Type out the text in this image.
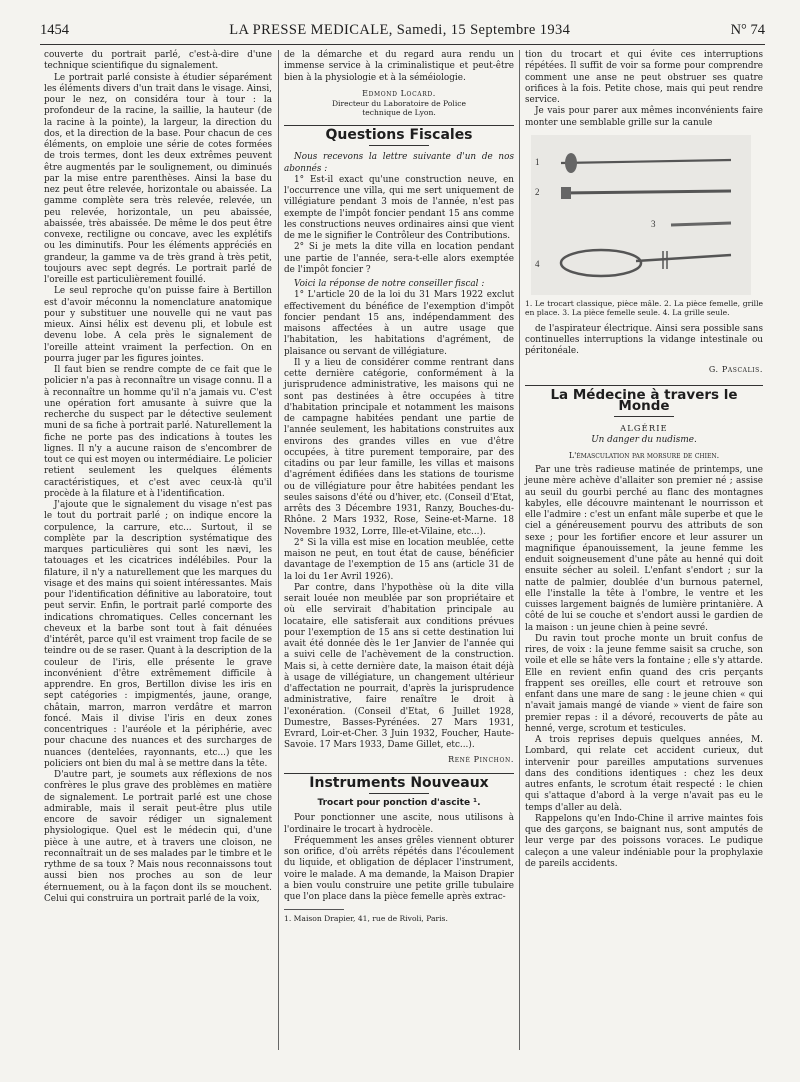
1454	LA PRESSE MEDICALE, Samedi, 15 Septembre 1934	N° 74

couverte du portrait parlé, c'est-à-dire d'une technique scientifique du signalement.

Le portrait parlé consiste à étudier séparément les éléments divers d'un trait dans le visage. Ainsi, pour le nez, on considéra tour à tour : la profondeur de la racine, la saillie, la hauteur (de la racine à la pointe), la largeur, la direction du dos, et la direction de la base. Pour chacun de ces éléments, on emploie une série de cotes formées de trois termes, dont les deux extrêmes peuvent être augmentés par le soulignement, ou diminués par la mise entre parenthèses. Ainsi la base du nez peut être relevée, horizontale ou abaissée. La gamme complète sera très relevée, relevée, un peu relevée, horizontale, un peu abaissée, abaissée, très abaissée. De même le dos peut être convexe, rectiligne ou concave, avec les explétifs ou les diminutifs. Pour les éléments appréciés en grandeur, la gamme va de très grand à très petit, toujours avec sept degrés. Le portrait parlé de l'oreille est particulièrement fouillé.

Le seul reproche qu'on puisse faire à Bertillon est d'avoir méconnu la nomenclature anatomique pour y substituer une nouvelle qui ne vaut pas mieux. Ainsi hélix est devenu pli, et lobule est devenu lobe. A cela près le signalement de l'oreille atteint vraiment la perfection. On en pourra juger par les figures jointes.

Il faut bien se rendre compte de ce fait que le policier n'a pas à reconnaître un visage connu. Il a à reconnaître un homme qu'il n'a jamais vu. C'est une opération fort amusante à suivre que la recherche du suspect par le détective seulement muni de sa fiche à portrait parlé. Naturellement la fiche ne porte pas des indications à toutes les lignes. Il n'y a aucune raison de s'encombrer de tout ce qui est moyen ou intermédiaire. Le policier retient seulement les quelques éléments caractéristiques, et c'est avec ceux-là qu'il procède à la filature et à l'identification.

J'ajoute que le signalement du visage n'est pas le tout du portrait parlé ; on indique encore la corpulence, la carrure, etc... Surtout, il se complète par la description systématique des marques particulières qui sont les nævi, les tatouages et les cicatrices indélébiles. Pour la filature, il n'y a naturellement que les marques du visage et des mains qui soient intéressantes. Mais pour l'identification définitive au laboratoire, tout peut servir. Enfin, le portrait parlé comporte des indications chromatiques. Celles concernant les cheveux et la barbe sont tout à fait dénuées d'intérêt, parce qu'il est vraiment trop facile de se teindre ou de se raser. Quant à la description de la couleur de l'iris, elle présente le grave inconvénient d'être extrêmement difficile à apprendre. En gros, Bertillon divise les iris en sept catégories : impigmentés, jaune, orange, châtain, marron, marron verdâtre et marron foncé. Mais il divise l'iris en deux zones concentriques : l'auréole et la périphérie, avec pour chacune des nuances et des surcharges de nuances (dentelées, rayonnants, etc...) que les policiers ont bien du mal à se mettre dans la tête.

D'autre part, je soumets aux réflexions de nos confrères le plus grave des problèmes en matière de signalement. Le portrait parlé est une chose admirable, mais il serait peut-être plus utile encore de savoir rédiger un signalement physiologique. Quel est le médecin qui, d'une pièce à une autre, et à travers une cloison, ne reconnaîtrait un de ses malades par le timbre et le rythme de sa toux ? Mais nous reconnaissons tout aussi bien nos proches au son de leur éternuement, ou à la façon dont ils se mouchent. Celui qui construira un portrait parlé de la voix,

de la démarche et du regard aura rendu un immense service à la criminalistique et peut-être bien à la physiologie et à la séméiologie.

Edmond Locard.
Directeur du Laboratoire de Police technique de Lyon.
Questions Fiscales

Nous recevons la lettre suivante d'un de nos abonnés :

1° Est-il exact qu'une construction neuve, en l'occurrence une villa, qui me sert uniquement de villégiature pendant 3 mois de l'année, n'est pas exempte de l'impôt foncier pendant 15 ans comme les constructions neuves ordinaires ainsi que vient de me le signifier le Contrôleur des Contributions.

2° Si je mets la dite villa en location pendant une partie de l'année, sera-t-elle alors exemptée de l'impôt foncier ?

Voici la réponse de notre conseiller fiscal :

1° L'article 20 de la loi du 31 Mars 1922 exclut effectivement du bénéfice de l'exemption d'impôt foncier pendant 15 ans, indépendamment des maisons affectées à un autre usage que l'habitation, les habitations d'agrément, de plaisance ou servant de villégiature.

Il y a lieu de considérer comme rentrant dans cette dernière catégorie, conformément à la jurisprudence administrative, les maisons qui ne sont pas destinées à être occupées à titre d'habitation principale et notamment les maisons de campagne habitées pendant une partie de l'année seulement, les habitations construites aux environs des grandes villes en vue d'être occupées, à titre purement temporaire, par des citadins ou par leur famille, les villas et maisons d'agrément édifiées dans les stations de tourisme ou de villégiature pour être habitées pendant les seules saisons d'été ou d'hiver, etc. (Conseil d'Etat, arrêts des 3 Décembre 1931, Ranzy, Bouches-du-Rhône. 2 Mars 1932, Rose, Seine-et-Marne. 18 Novembre 1932, Lorre, Ille-et-Vilaine, etc...).

2° Si la villa est mise en location meublée, cette maison ne peut, en tout état de cause, bénéficier davantage de l'exemption de 15 ans (article 31 de la loi du 1er Avril 1926).

Par contre, dans l'hypothèse où la dite villa serait louée non meublée par son propriétaire et où elle servirait d'habitation principale au locataire, elle satisferait aux conditions prévues pour l'exemption de 15 ans si cette destination lui avait été donnée dès le 1er Janvier de l'année qui a suivi celle de l'achèvement de la construction. Mais si, à cette dernière date, la maison était déjà à usage de villégiature, un changement ultérieur d'affectation ne pourrait, d'après la jurisprudence administrative, faire renaître le droit à l'exonération. (Conseil d'Etat, 6 Juillet 1928, Dumestre, Basses-Pyrénées. 27 Mars 1931, Evrard, Loir-et-Cher. 3 Juin 1932, Foucher, Haute-Savoie. 17 Mars 1933, Dame Gillet, etc...).

René Pinchon.
Instruments Nouveaux
Trocart pour ponction d'ascite ¹.

Pour ponctionner une ascite, nous utilisons à l'ordinaire le trocart à hydrocèle.

Fréquemment les anses grêles viennent obturer son orifice, d'où arrêts répétés dans l'écoulement du liquide, et obligation de déplacer l'instrument, voire le malade. A ma demande, la Maison Drapier a bien voulu construire une petite grille tubulaire que l'on place dans la pièce femelle après extrac-

1. Maison Drapier, 41, rue de Rivoli, Paris.

tion du trocart et qui évite ces interruptions répétées. Il suffit de voir sa forme pour comprendre comment une anse ne peut obstruer ses quatre orifices à la fois. Petite chose, mais qui peut rendre service.

Je vais pour parer aux mêmes inconvénients faire monter une semblable grille sur la canule

1
2
3
4
1. Le trocart classique, pièce mâle. 2. La pièce femelle, grille en place. 3. La pièce femelle seule. 4. La grille seule.

de l'aspirateur électrique. Ainsi sera possible sans continuelles interruptions la vidange intestinale ou péritonéale.

G. Pascalis.
La Médecine à travers le Monde
ALGÉRIE
Un danger du nudisme.
L'émasculation par morsure de chien.

Par une très radieuse matinée de printemps, une jeune mère achève d'allaiter son premier né ; assise au seuil du gourbi perché au flanc des montagnes kabyles, elle découvre maintenant le nourrisson et elle l'admire : c'est un enfant mâle superbe et que le ciel a généreusement pourvu des attributs de son sexe ; pour les fortifier encore et leur assurer un magnifique épanouissement, la jeune femme les enduit soigneusement d'une pâte au henné qui doit ensuite sécher au soleil. L'enfant s'endort ; sur la natte de palmier, doublée d'un burnous paternel, elle l'installe la tête à l'ombre, le ventre et les cuisses largement baignés de lumière printanière. A côté de lui se couche et s'endort aussi le gardien de la maison : un jeune chien à peine sevré.

Du ravin tout proche monte un bruit confus de rires, de voix : la jeune femme saisit sa cruche, son voile et elle se hâte vers la fontaine ; elle s'y attarde. Elle en revient enfin quand des cris perçants frappent ses oreilles, elle court et retrouve son enfant dans une mare de sang : le jeune chien « qui n'avait jamais mangé de viande » vient de faire son premier repas : il a dévoré, recouverts de pâte au henné, verge, scrotum et testicules.

A trois reprises depuis quelques années, M. Lombard, qui relate cet accident curieux, dut intervenir pour pareilles amputations survenues dans des conditions identiques : chez les deux autres enfants, le scrotum était respecté : le chien qui s'attaque d'abord à la verge n'avait pas eu le temps d'aller au delà.

Rappelons qu'en Indo-Chine il arrive maintes fois que des garçons, se baignant nus, sont amputés de leur verge par des poissons voraces. Le pudique caleçon a une valeur indéniable pour la prophylaxie de pareils accidents.
